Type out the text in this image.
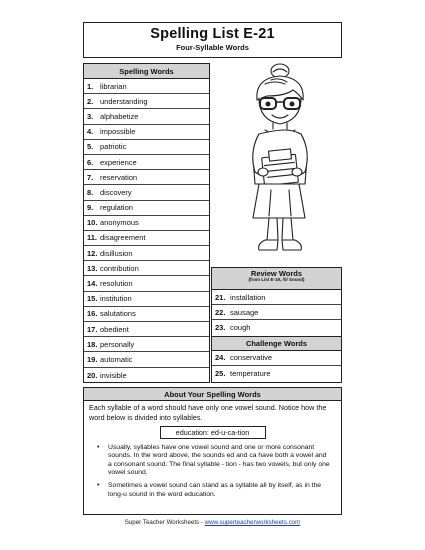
Spelling List E-21
Four-Syllable Words
Spelling Words
1. librarian
2. understanding
3. alphabetize
4. impossible
5. patriotic
6. experience
7. reservation
8. discovery
9. regulation
10. anonymous
11. disagreement
12. disillusion
13. contribution
14. resolution
15. institution
16. salutations
17. obedient
18. personally
19. automatic
20. invisible
Review Words
(from List E-19, /ô/ Sound)
21. installation
22. sausage
23. cough
Challenge Words
24. conservative
25. temperature
About Your Spelling Words
Each syllable of a word should have only one vowel sound. Notice how the word below is divided into syllables.
education: ed-u-ca-tion
• Usually, syllables have one vowel sound and one or more consonant sounds. In the word above, the sounds ed and ca have both a vowel and a consonant sound. The final syllable - tion - has two vowels, but only one vowel sound.
• Sometimes a vowel sound can stand as a syllable all by itself, as in the long-u sound in the word education.
Super Teacher Worksheets - www.superteacherworksheets.com
